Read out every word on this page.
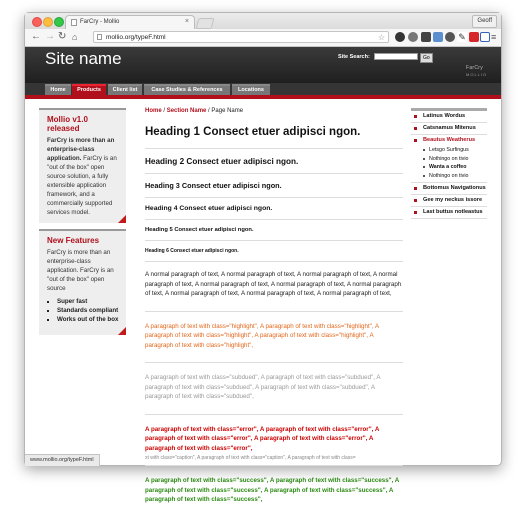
FarCry - Mollio	×	Geoff
← → ↻ ⌂	mollio.org/typeF.html	☆	✎	≡
Site name	Site Search:	Go
FarCry
MOLLIO
Home	Products	Client list	Case Studies & References	Locations
Mollio v1.0 released
FarCry is more than an enterprise-class application. FarCry is an "out of the box" open source solution, a fully extensible application framework, and a commercially supported services model.
New Features
FarCry is more than an enterprise-class application. FarCry is an "out of the box" open source
▪ Super fast
▪ Standards compliant
▪ Works out of the box
Home / Section Name / Page Name
Heading 1 Consect etuer adipisci ngon.
Heading 2 Consect etuer adipisci ngon.
Heading 3 Consect etuer adipisci ngon.
Heading 4 Consect etuer adipisci ngon.
Heading 5 Consect etuer adipisci ngon.
Heading 6 Consect etuer adipisci ngon.

A normal paragraph of text, A normal paragraph of text, A normal paragraph of text, A normal paragraph of text, A normal paragraph of text, A normal paragraph of text, A normal paragraph of text, A normal paragraph of text, A normal paragraph of text, A normal paragraph of text,

A paragraph of text with class="highlight", A paragraph of text with class="highlight", A paragraph of text with class="highlight", A paragraph of text with class="highlight", A paragraph of text with class="highlight",

A paragraph of text with class="subdued", A paragraph of text with class="subdued", A paragraph of text with class="subdued", A paragraph of text with class="subdued", A paragraph of text with class="subdued",

A paragraph of text with class="error", A paragraph of text with class="error", A paragraph of text with class="error", A paragraph of text with class="error", A paragraph of text with class="error",

A paragraph of text with class="success", A paragraph of text with class="success", A paragraph of text with class="success", A paragraph of text with class="success", A paragraph of text with class="success",

Latinus Wordus
Catsnamus Mitenus
Beautus Weatherus
Letsgo Surfingus
Nothingo on tivio
Wanta a coffeo
Nothingo on tivio
Bottomus Navigationus
Gee my neckus issore
Last buttus notleastus
xt with class="caption", A paragraph of text with class="caption", A paragraph of text with class=
www.mollio.org/typeF.html
